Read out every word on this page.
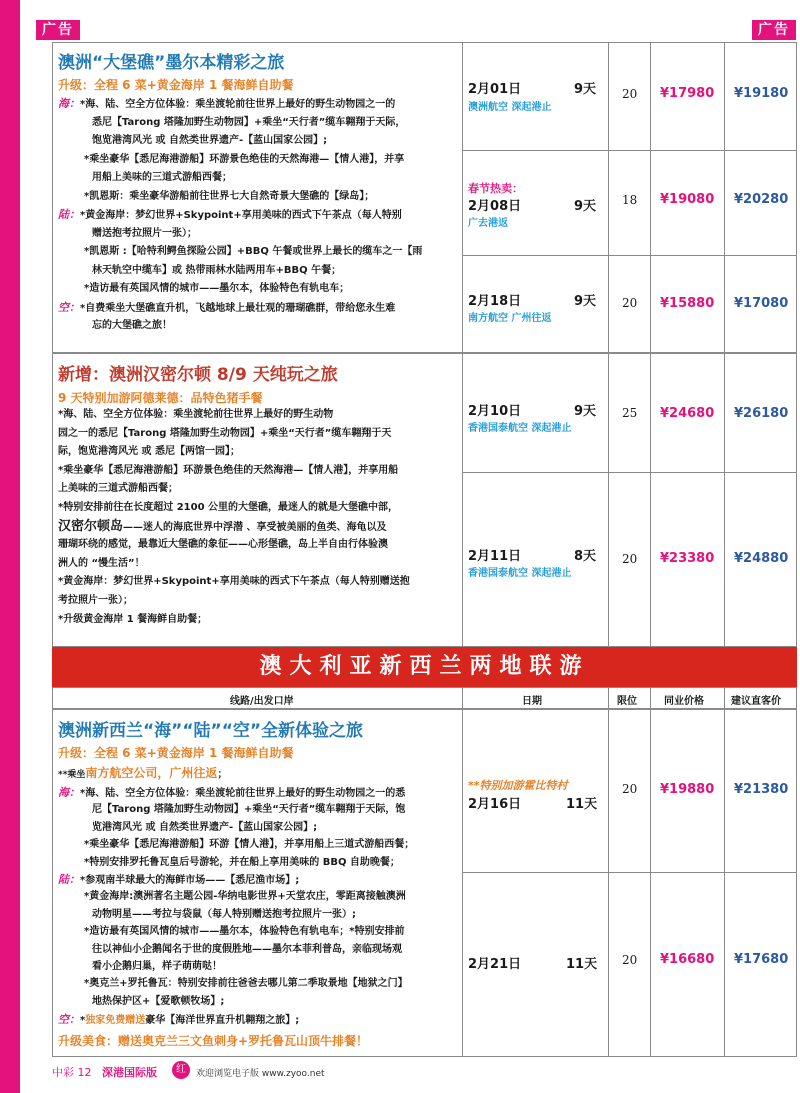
广告	广告
澳洲“大堡礁”墨尔本精彩之旅
升级：全程 6 菜+黄金海岸 1 餐海鲜自助餐
海：*海、陆、空全方位体验：乘坐渡轮前往世界上最好的野生动物园之一的
悉尼【Tarong 塔隆加野生动物园】+乘坐“天行者”缆车翱翔于天际，
饱览港湾风光 或 自然类世界遗产-【蓝山国家公园】;
*乘坐豪华【悉尼海港游船】环游景色绝佳的天然海港—【情人港】，并享
用船上美味的三道式游船西餐；
*凯恩斯：乘坐豪华游船前往世界七大自然奇景大堡礁的【绿岛】；
陆：*黄金海岸：梦幻世界+Skypoint+享用美味的西式下午茶点（每人特别
赠送抱考拉照片一张）；
*凯恩斯 :【哈特利鳄鱼探险公园】+BBQ 午餐或世界上最长的缆车之一【雨
林天轨空中缆车】或 热带雨林水陆两用车+BBQ 午餐；
*造访最有英国风情的城市——墨尔本，体验特色有轨电车；
空：*自费乘坐大堡礁直升机，飞越地球上最壮观的珊瑚礁群，带给您永生难
忘的大堡礁之旅！
2月01日	9天
澳洲航空 深起港止
20 ¥17980 ¥19180
春节热卖：
2月08日	9天
广去港返
18 ¥19080 ¥20280
2月18日	9天
南方航空 广州往返
20 ¥15880 ¥17080
新增：澳洲汉密尔顿 8/9 天纯玩之旅
9 天特别加游阿德莱德：品特色猪手餐
*海、陆、空全方位体验：乘坐渡轮前往世界上最好的野生动物
园之一的悉尼【Tarong 塔隆加野生动物园】+乘坐“天行者”缆车翱翔于天
际，饱览港湾风光 或 悉尼【两馆一园】；
*乘坐豪华【悉尼海港游船】环游景色绝佳的天然海港—【情人港】，并享用船
上美味的三道式游船西餐；
*特别安排前往在长度超过 2100 公里的大堡礁，最迷人的就是大堡礁中部，
汉密尔顿岛——迷人的海底世界中浮潜 、享受被美丽的鱼类、海龟以及
珊瑚环绕的感觉，最靠近大堡礁的象征——心形堡礁，岛上半自由行体验澳
洲人的 “慢生活”！
*黄金海岸：梦幻世界+Skypoint+享用美味的西式下午茶点（每人特别赠送抱
考拉照片一张）；
*升级黄金海岸 1 餐海鲜自助餐；
2月10日	9天
香港国泰航空 深起港止
25 ¥24680 ¥26180
2月11日	8天
香港国泰航空 深起港止
20 ¥23380 ¥24880
澳大利亚新西兰两地联游
线路/出发口岸	日期	限位	同业价格	建议直客价
澳洲新西兰“海”“陆”“空”全新体验之旅
升级：全程 6 菜+黄金海岸 1 餐海鲜自助餐
**乘坐南方航空公司，广州往返；
海：*海、陆、空全方位体验：乘坐渡轮前往世界上最好的野生动物园之一的悉
尼【Tarong 塔隆加野生动物园】+乘坐“天行者”缆车翱翔于天际，饱
览港湾风光 或 自然类世界遗产-【蓝山国家公园】;
*乘坐豪华【悉尼海港游船】环游【情人港】，并享用船上三道式游船西餐；
*特别安排罗托鲁瓦皇后号游轮，并在船上享用美味的 BBQ 自助晚餐；
陆：*参观南半球最大的海鲜市场——【悉尼渔市场】;
*黄金海岸:澳洲著名主题公园-华纳电影世界+天堂农庄，零距离接触澳洲
动物明星——考拉与袋鼠（每人特别赠送抱考拉照片一张）;
*造访最有英国风情的城市——墨尔本，体验特色有轨电车；*特别安排前
往以神仙小企鹅闻名于世的度假胜地——墨尔本菲利普岛，亲临现场观
看小企鹅归巢，样子萌萌哒！
*奥克兰+罗托鲁瓦：特别安排前往爸爸去哪儿第二季取景地【地狱之门】
地热保护区+【爱歌顿牧场】;
空：*独家免费赠送豪华【海洋世界直升机翱翔之旅】;
升级美食：赠送奥克兰三文鱼刺身+罗托鲁瓦山顶牛排餐！
**特别加游霍比特村
2月16日	11天
20 ¥19880 ¥21380
2月21日	11天 20 ¥16680 ¥17680
中彩 12 深港国际版	红	欢迎浏览电子版 www.zyoo.net
